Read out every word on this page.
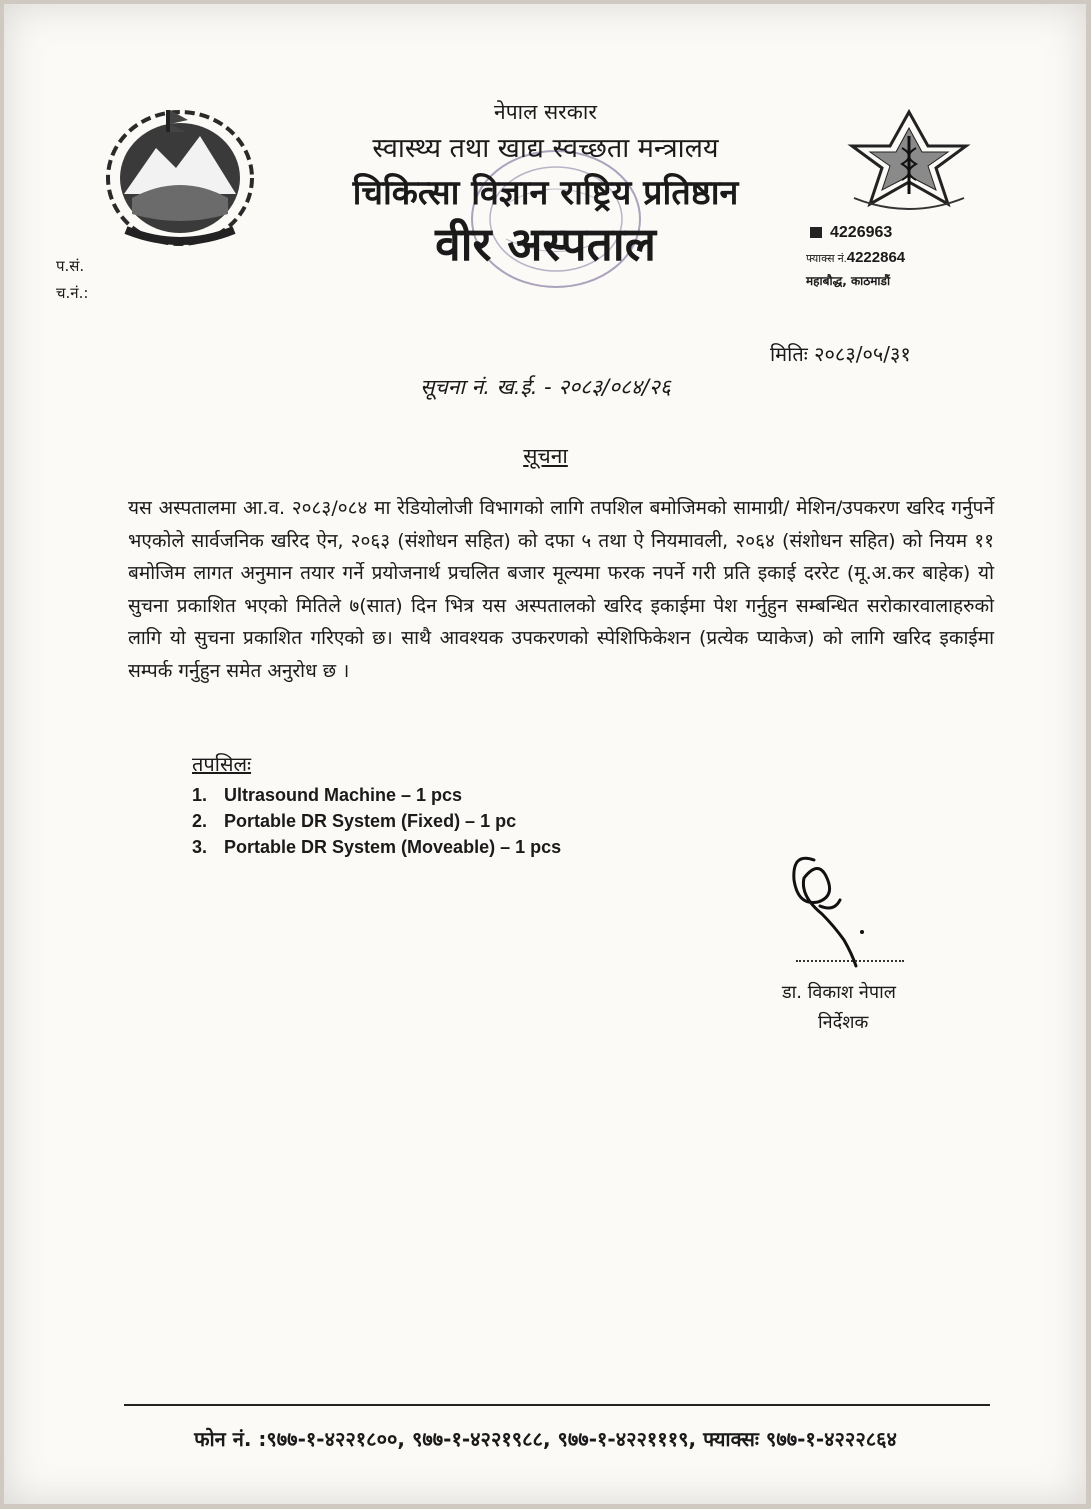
नेपाल सरकार
स्वास्थ्य तथा खाद्य स्वच्छता मन्त्रालय
चिकित्सा विज्ञान राष्ट्रिय प्रतिष्ठान
वीर अस्पताल
प.सं.
च.नं.:
4226963
फ्याक्स नं.4222864
महाबौद्ध, काठमाडौं
मितिः २०८३/०५/३१
सूचना नं. ख.ई. - २०८३/०८४/२६
सूचना
यस अस्पतालमा आ.व. २०८३/०८४ मा रेडियोलोजी विभागको लागि तपशिल बमोजिमको सामाग्री/ मेशिन/उपकरण खरिद गर्नुपर्ने भएकोले सार्वजनिक खरिद ऐन, २०६३ (संशोधन सहित) को दफा ५ तथा ऐ नियमावली, २०६४ (संशोधन सहित) को नियम ११ बमोजिम लागत अनुमान तयार गर्ने प्रयोजनार्थ प्रचलित बजार मूल्यमा फरक नपर्ने गरी प्रति इकाई दररेट (मू.अ.कर बाहेक) यो सुचना प्रकाशित भएको मितिले ७(सात) दिन भित्र यस अस्पतालको खरिद इकाईमा पेश गर्नुहुन सम्बन्धित सरोकारवालाहरुको लागि यो सुचना प्रकाशित गरिएको छ। साथै आवश्यक उपकरणको स्पेशिफिकेशन (प्रत्येक प्याकेज) को लागि खरिद इकाईमा सम्पर्क गर्नुहुन समेत अनुरोध छ ।
तपसिलः
1. Ultrasound Machine – 1 pcs
2. Portable DR System (Fixed) – 1 pc
3. Portable DR System (Moveable) – 1 pcs
डा. विकाश नेपाल
निर्देशक
फोन नं. :९७७-१-४२२१८००, ९७७-१-४२२१९८८, ९७७-१-४२२१११९, फ्याक्सः ९७७-१-४२२२८६४
